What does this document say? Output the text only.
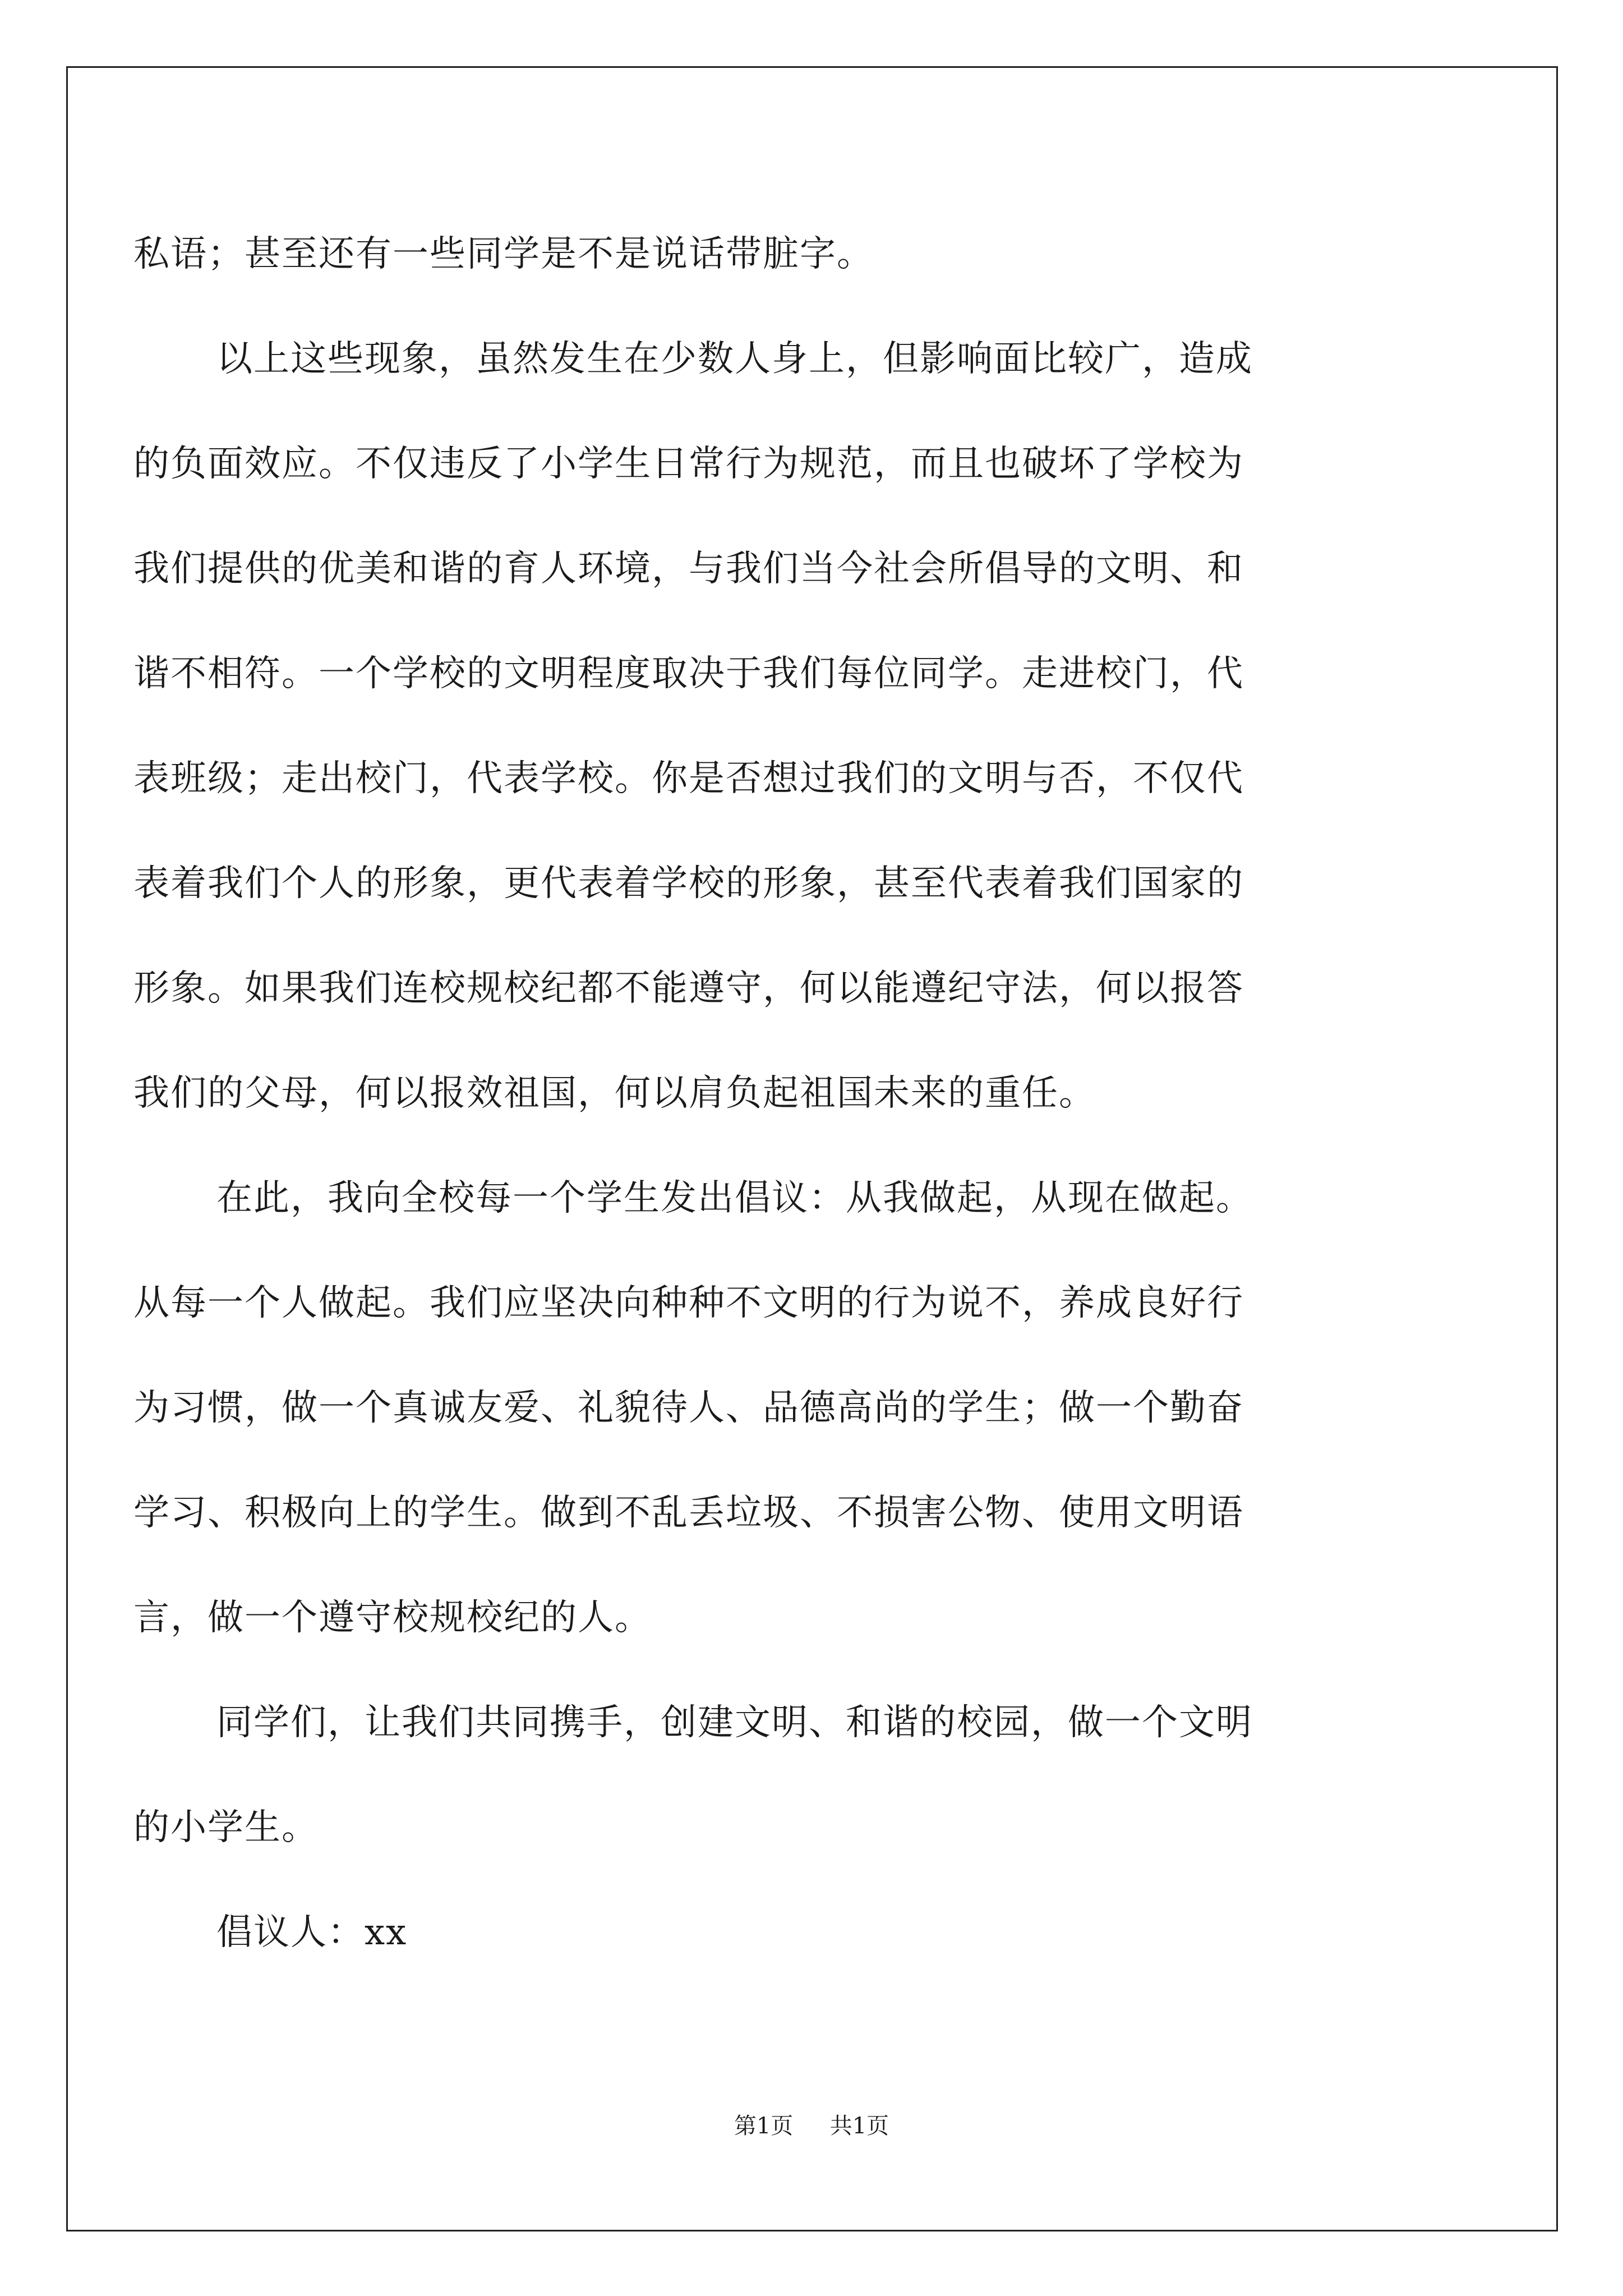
私语；甚至还有一些同学是不是说话带脏字。
以上这些现象，虽然发生在少数人身上，但影响面比较广，造成
的负面效应。不仅违反了小学生日常行为规范，而且也破坏了学校为
我们提供的优美和谐的育人环境，与我们当今社会所倡导的文明、和
谐不相符。一个学校的文明程度取决于我们每位同学。走进校门，代
表班级；走出校门，代表学校。你是否想过我们的文明与否，不仅代
表着我们个人的形象，更代表着学校的形象，甚至代表着我们国家的
形象。如果我们连校规校纪都不能遵守，何以能遵纪守法，何以报答
我们的父母，何以报效祖国，何以肩负起祖国未来的重任。
在此，我向全校每一个学生发出倡议：从我做起，从现在做起。
从每一个人做起。我们应坚决向种种不文明的行为说不，养成良好行
为习惯，做一个真诚友爱、礼貌待人、品德高尚的学生；做一个勤奋
学习、积极向上的学生。做到不乱丢垃圾、不损害公物、使用文明语
言，做一个遵守校规校纪的人。
同学们，让我们共同携手，创建文明、和谐的校园，做一个文明
的小学生。
倡议人：xx
第1页 共1页
